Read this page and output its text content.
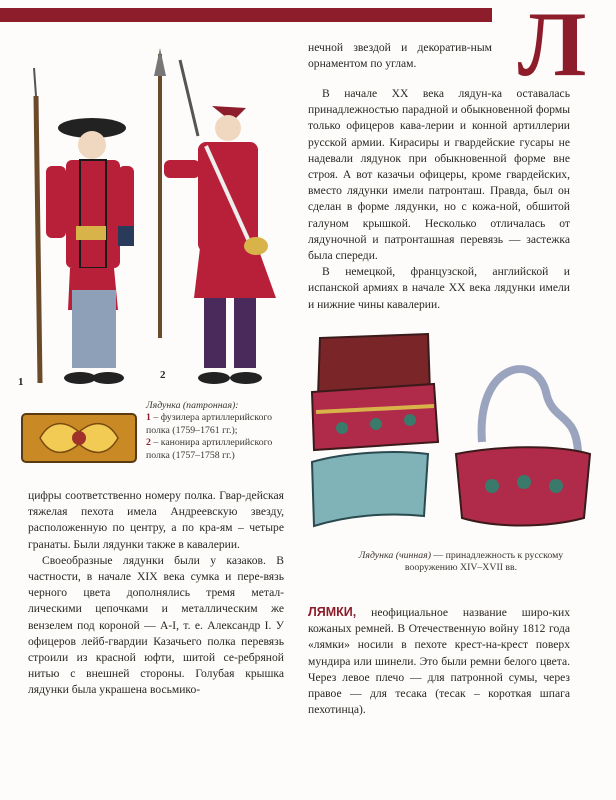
Л

нечной звездой и декоратив-ным орнаментом по углам.

В начале XX века лядун-ка оставалась принадлежностью парадной и обыкновенной формы только офицеров кава-лерии и конной артиллерии русской армии. Кирасиры и гвардейские гусары не надевали лядунок при обыкновенной форме вне строя. А вот казачьи офицеры, кроме гвардейских, вместо лядунки имели патронташ. Правда, был он сделан в форме лядунки, но с кожа-ной, обшитой галуном крышкой. Несколько отличалась от лядуночной и патронташная перевязь — застежка была спереди.

В немецкой, французской, английской и испанской армиях в начале XX века лядунки имели и нижние чины кавалерии.

1
2
Лядунка (патронная):
1 – фузилера артиллерийского полка (1759–1761 гг.);
2 – канонира артиллерийского полка (1757–1758 гг.)
Лядунка (чинная) — принадлежность к русскому вооружению XIV–XVII вв.

цифры соответственно номеру полка. Гвар-дейская тяжелая пехота имела Андреевскую звезду, расположенную по центру, а по кра-ям – четыре гранаты. Были лядунки также в кавалерии.

Своеобразные лядунки были у казаков. В частности, в начале XIX века сумка и пере-вязь черного цвета дополнялись тремя метал-лическими цепочками и металлическим же вензелем под короной — А-I, т. е. Александр I. У офицеров лейб-гвардии Казачьего полка перевязь строили из красной юфти, шитой се-ребряной нитью с внешней стороны. Голубая крышка лядунки была украшена восьмико-

ЛЯМКИ, неофициальное название широ-ких кожаных ремней. В Отечественную войну 1812 года «лямки» носили в пехоте крест-на-крест поверх мундира или шинели. Это были ремни белого цвета. Через левое плечо — для патронной сумы, через правое — для тесака (тесак – короткая шпага пехотинца).
